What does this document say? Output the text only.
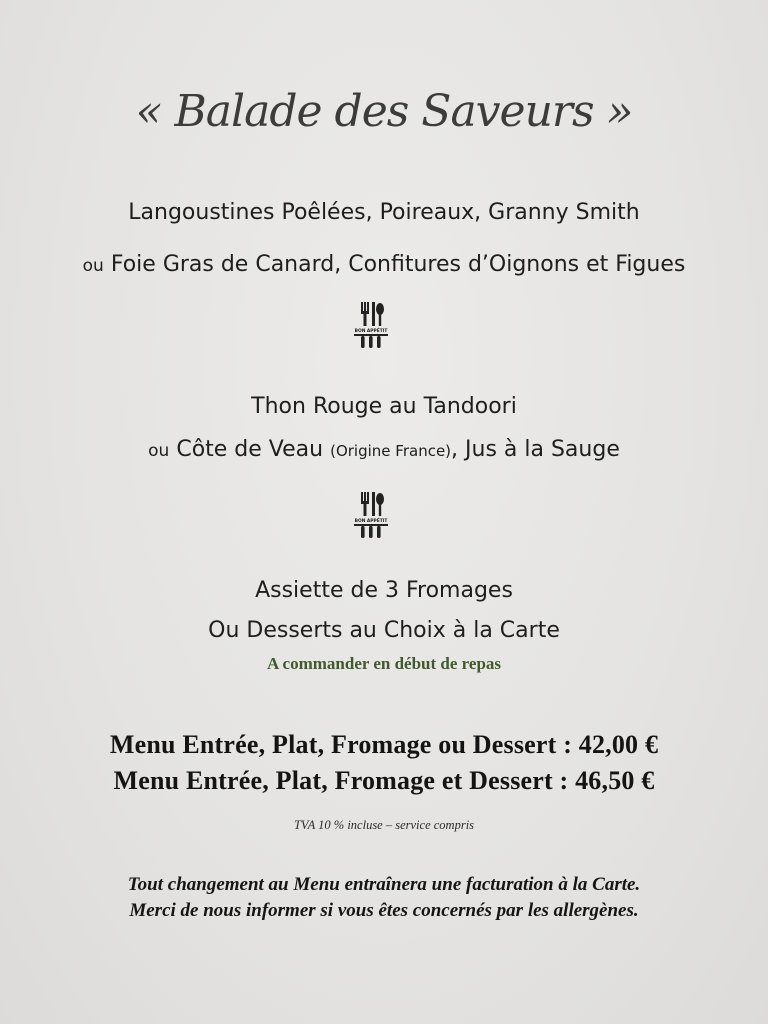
« Balade des Saveurs »
Langoustines Poêlées, Poireaux, Granny Smith
ou Foie Gras de Canard, Confitures d’Oignons et Figues
BON APPÉTIT
Thon Rouge au Tandoori
ou Côte de Veau (Origine France), Jus à la Sauge
BON APPÉTIT
Assiette de 3 Fromages
Ou Desserts au Choix à la Carte
A commander en début de repas
Menu Entrée, Plat, Fromage ou Dessert : 42,00 €
Menu Entrée, Plat, Fromage et Dessert : 46,50 €
TVA 10 % incluse – service compris
Tout changement au Menu entraînera une facturation à la Carte.
Merci de nous informer si vous êtes concernés par les allergènes.
